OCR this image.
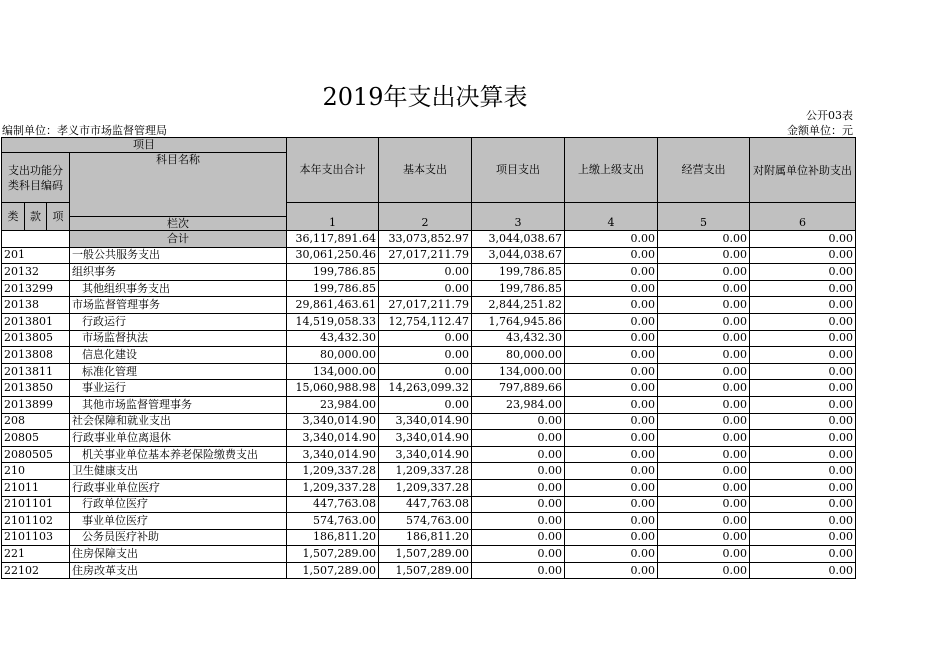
2019年支出决算表
公开03表
编制单位：孝义市市场监督管理局	金额单位：元
项目				本年支出合计	基本支出	项目支出	上缴上级支出	经营支出	对附属单位补助支出
支出功能分类科目编码			科目名称						
类	款	项		1	2	3	4	5	6
			栏次						
			合计	36,117,891.64	33,073,852.97	3,044,038.67	0.00	0.00	0.00
201			一般公共服务支出	30,061,250.46	27,017,211.79	3,044,038.67	0.00	0.00	0.00
20132			组织事务	199,786.85	0.00	199,786.85	0.00	0.00	0.00
2013299			其他组织事务支出	199,786.85	0.00	199,786.85	0.00	0.00	0.00
20138			市场监督管理事务	29,861,463.61	27,017,211.79	2,844,251.82	0.00	0.00	0.00
2013801			行政运行	14,519,058.33	12,754,112.47	1,764,945.86	0.00	0.00	0.00
2013805			市场监督执法	43,432.30	0.00	43,432.30	0.00	0.00	0.00
2013808			信息化建设	80,000.00	0.00	80,000.00	0.00	0.00	0.00
2013811			标准化管理	134,000.00	0.00	134,000.00	0.00	0.00	0.00
2013850			事业运行	15,060,988.98	14,263,099.32	797,889.66	0.00	0.00	0.00
2013899			其他市场监督管理事务	23,984.00	0.00	23,984.00	0.00	0.00	0.00
208			社会保障和就业支出	3,340,014.90	3,340,014.90	0.00	0.00	0.00	0.00
20805			行政事业单位离退休	3,340,014.90	3,340,014.90	0.00	0.00	0.00	0.00
2080505			机关事业单位基本养老保险缴费支出	3,340,014.90	3,340,014.90	0.00	0.00	0.00	0.00
210			卫生健康支出	1,209,337.28	1,209,337.28	0.00	0.00	0.00	0.00
21011			行政事业单位医疗	1,209,337.28	1,209,337.28	0.00	0.00	0.00	0.00
2101101			行政单位医疗	447,763.08	447,763.08	0.00	0.00	0.00	0.00
2101102			事业单位医疗	574,763.00	574,763.00	0.00	0.00	0.00	0.00
2101103			公务员医疗补助	186,811.20	186,811.20	0.00	0.00	0.00	0.00
221			住房保障支出	1,507,289.00	1,507,289.00	0.00	0.00	0.00	0.00
22102			住房改革支出	1,507,289.00	1,507,289.00	0.00	0.00	0.00	0.00
